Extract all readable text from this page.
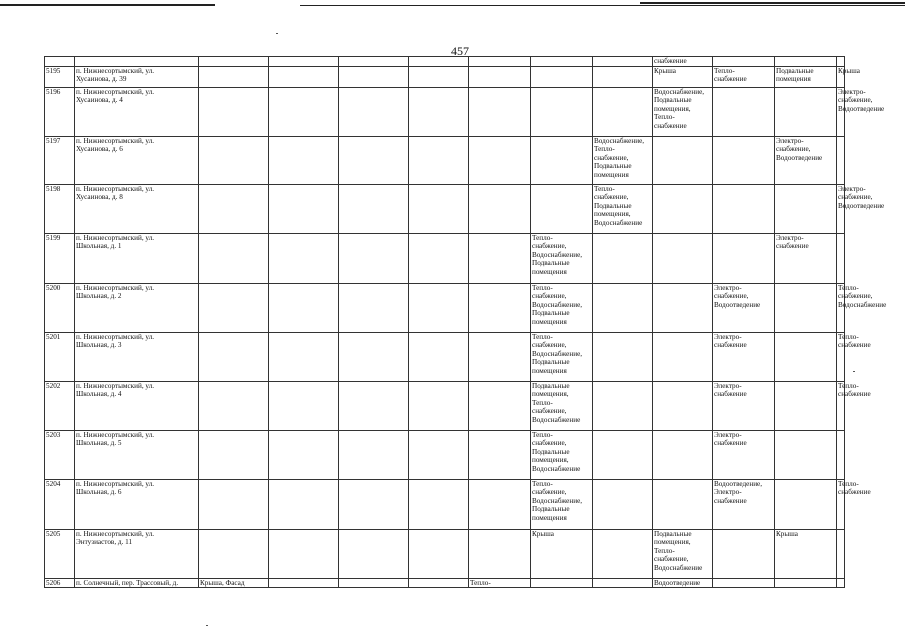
457
									снабжение			
5195	п. Нижнесортымский, ул.
Хусаинова, д. 39								Крыша	Тепло-
снабжение	Подвальные
помещения	Крыша
5196	п. Нижнесортымский, ул.
Хусаинова, д. 4								Водоснабжение,
Подвальные
помещения,
Тепло-
снабжение			Электро-
снабжение,
Водоотведение
5197	п. Нижнесортымский, ул.
Хусаинова, д. 6							Водоснабжение,
Тепло-
снабжение,
Подвальные
помещения			Электро-
снабжение,
Водоотведение	
5198	п. Нижнесортымский, ул.
Хусаинова, д. 8							Тепло-
снабжение,
Подвальные
помещения,
Водоснабжение				Электро-
снабжение,
Водоотведение
5199	п. Нижнесортымский, ул.
Школьная, д. 1						Тепло-
снабжение,
Водоснабжение,
Подвальные
помещения				Электро-
снабжение	
5200	п. Нижнесортымский, ул.
Школьная, д. 2						Тепло-
снабжение,
Водоснабжение,
Подвальные
помещения			Электро-
снабжение,
Водоотведение		Тепло-
снабжение,
Водоснабжение
5201	п. Нижнесортымский, ул.
Школьная, д. 3						Тепло-
снабжение,
Водоснабжение,
Подвальные
помещения			Электро-
снабжение		Тепло-
снабжение
5202	п. Нижнесортымский, ул.
Школьная, д. 4						Подвальные
помещения,
Тепло-
снабжение,
Водоснабжение			Электро-
снабжение		Тепло-
снабжение
5203	п. Нижнесортымский, ул.
Школьная, д. 5						Тепло-
снабжение,
Подвальные
помещения,
Водоснабжение			Электро-
снабжение		
5204	п. Нижнесортымский, ул.
Школьная, д. 6						Тепло-
снабжение,
Водоснабжение,
Подвальные
помещения			Водоотведение,
Электро-
снабжение		Тепло-
снабжение
5205	п. Нижнесортымский, ул.
Энтузиастов, д. 11						Крыша		Подвальные
помещения,
Тепло-
снабжение,
Водоснабжение		Крыша	
5206	п. Солнечный, пер. Трассовый, д.	Крыша, Фасад				Тепло-			Водоотведение			
